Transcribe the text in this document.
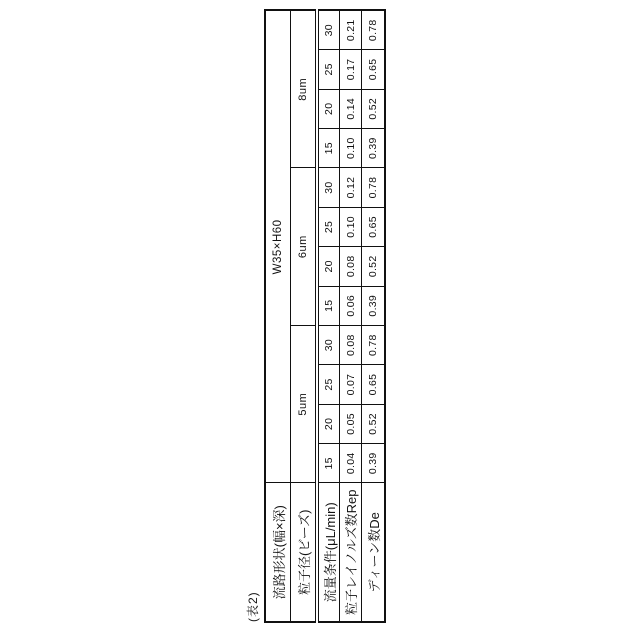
(表2)
流路形状(幅×深)	W35×H60											
粒子径(ビーズ)	5um				6um				8um			
流量条件(μL/min)	15	20	25	30	15	20	25	30	15	20	25	30
粒子レイノルズ数Rep	0.04	0.05	0.07	0.08	0.06	0.08	0.10	0.12	0.10	0.14	0.17	0.21
ディーン数De	0.39	0.52	0.65	0.78	0.39	0.52	0.65	0.78	0.39	0.52	0.65	0.78
